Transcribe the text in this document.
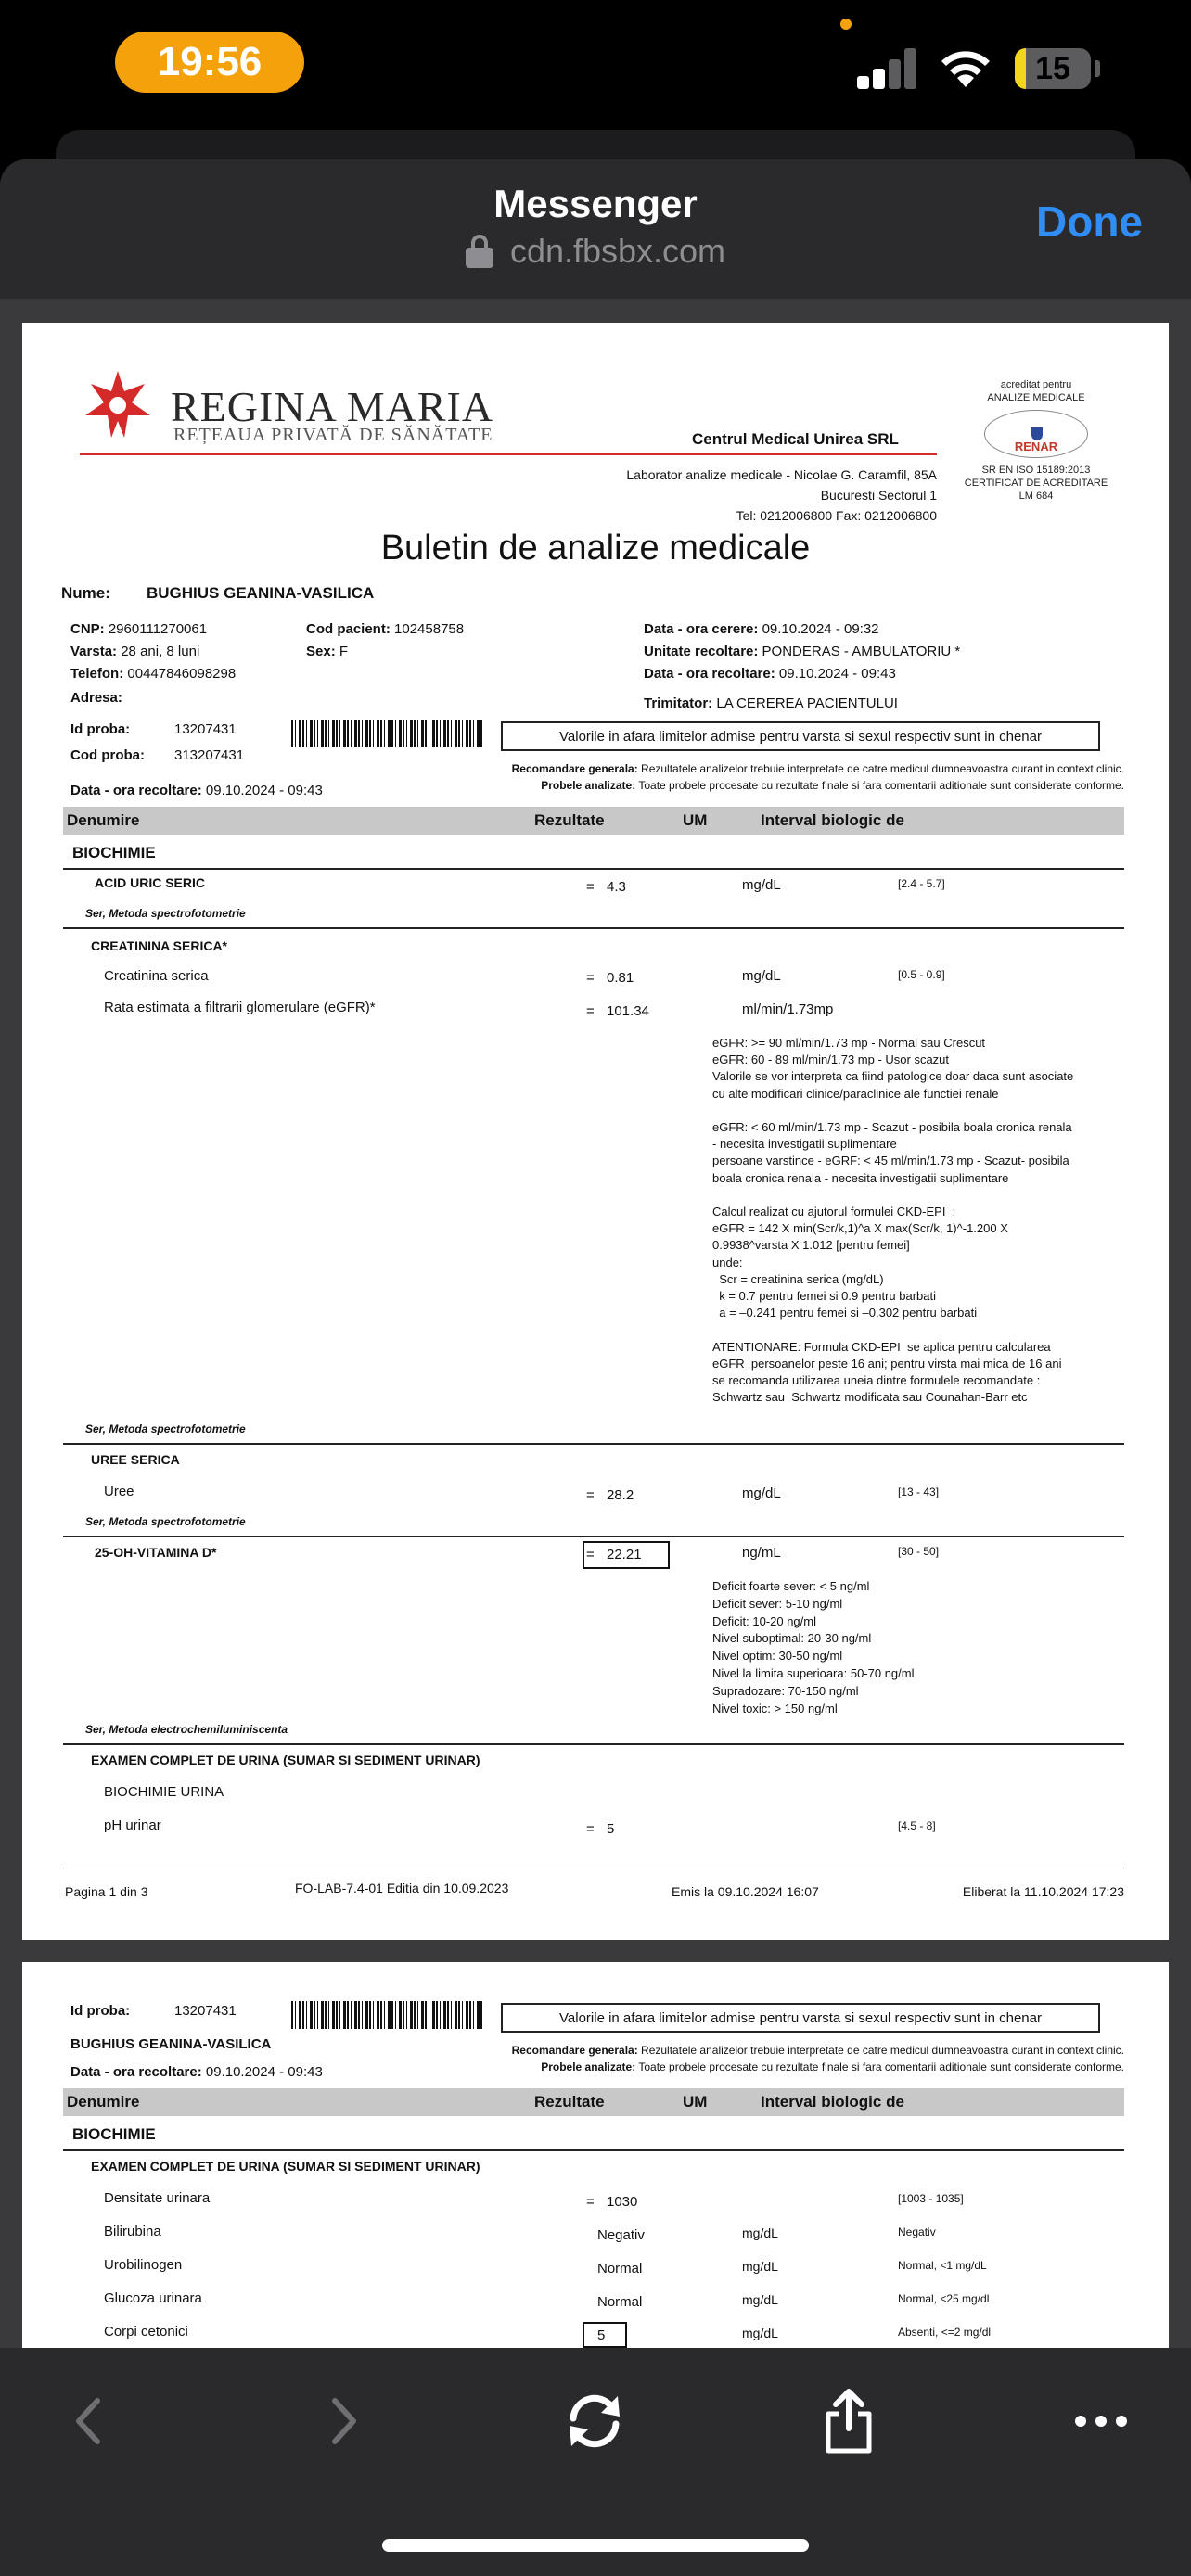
19:56	15
Messenger
cdn.fbsbx.com
Done
REGINA MARIA
REȚEAUA PRIVATĂ DE SĂNĂTATE	Centrul Medical Unirea SRL
Laborator analize medicale - Nicolae G. Caramfil, 85A
Bucuresti Sectorul 1
Tel: 0212006800 Fax: 0212006800
acreditat pentru
ANALIZE MEDICALE
RENAR
SR EN ISO 15189:2013
CERTIFICAT DE ACREDITARE
LM 684
Buletin de analize medicale
Nume: BUGHIUS GEANINA-VASILICA
CNP: 2960111270061
Varsta: 28 ani, 8 luni
Telefon: 00447846098298
Adresa:
Cod pacient: 102458758
Sex: F
Data - ora cerere: 09.10.2024 - 09:32
Unitate recoltare: PONDERAS - AMBULATORIU *
Data - ora recoltare: 09.10.2024 - 09:43
Trimitator: LA CEREREA PACIENTULUI
Id proba:	13207431
Cod proba: 313207431
Valorile in afara limitelor admise pentru varsta si sexul respectiv sunt in chenar
Data - ora recoltare: 09.10.2024 - 09:43
Recomandare generala: Rezultatele analizelor trebuie interpretate de catre medicul dumneavoastra curant in context clinic.
Probele analizate: Toate probele procesate cu rezultate finale si fara comentarii aditionale sunt considerate conforme.
Denumire	Rezultate	UM	Interval biologic de
BIOCHIMIE
ACID URIC SERIC	= 4.3	mg/dL	[2.4 - 5.7]
Ser, Metoda spectrofotometrie
CREATININA SERICA*
Creatinina serica	= 0.81	mg/dL	[0.5 - 0.9]
Rata estimata a filtrarii glomerulare (eGFR)*	= 101.34	ml/min/1.73mp
eGFR: >= 90 ml/min/1.73 mp - Normal sau Crescut
eGFR: 60 - 89 ml/min/1.73 mp - Usor scazut
Valorile se vor interpreta ca fiind patologice doar daca sunt asociate
cu alte modificari clinice/paraclinice ale functiei renale

eGFR: < 60 ml/min/1.73 mp - Scazut - posibila boala cronica renala
- necesita investigatii suplimentare
persoane varstince - eGRF: < 45 ml/min/1.73 mp - Scazut- posibila
boala cronica renala - necesita investigatii suplimentare

Calcul realizat cu ajutorul formulei CKD-EPI  :
eGFR = 142 X min(Scr/k,1)^a X max(Scr/k, 1)^-1.200 X
0.9938^varsta X 1.012 [pentru femei]
unde:
Scr = creatinina serica (mg/dL)
k = 0.7 pentru femei si 0.9 pentru barbati
a = –0.241 pentru femei si –0.302 pentru barbati

ATENTIONARE: Formula CKD-EPI  se aplica pentru calcularea
eGFR  persoanelor peste 16 ani; pentru virsta mai mica de 16 ani
se recomanda utilizarea uneia dintre formulele recomandate :
Schwartz sau  Schwartz modificata sau Counahan-Barr etc
Ser, Metoda spectrofotometrie
UREE SERICA
Uree	= 28.2	mg/dL	[13 - 43]
Ser, Metoda spectrofotometrie
25-OH-VITAMINA D*	= 22.21	ng/mL	[30 - 50]
Deficit foarte sever: < 5 ng/ml
Deficit sever: 5-10 ng/ml
Deficit: 10-20 ng/ml
Nivel suboptimal: 20-30 ng/ml
Nivel optim: 30-50 ng/ml
Nivel la limita superioara: 50-70 ng/ml
Supradozare: 70-150 ng/ml
Nivel toxic: > 150 ng/ml
Ser, Metoda electrochemiluminiscenta
EXAMEN COMPLET DE URINA (SUMAR SI SEDIMENT URINAR)
BIOCHIMIE URINA
pH urinar	= 5	[4.5 - 8]
Pagina 1 din 3	FO-LAB-7.4-01 Editia din 10.09.2023	Emis la 09.10.2024 16:07	Eliberat la 11.10.2024 17:23
Id proba:	13207431	Valorile in afara limitelor admise pentru varsta si sexul respectiv sunt in chenar
BUGHIUS GEANINA-VASILICA	Recomandare generala: Rezultatele analizelor trebuie interpretate de catre medicul dumneavoastra curant in context clinic.
Probele analizate: Toate probele procesate cu rezultate finale si fara comentarii aditionale sunt considerate conforme.
Data - ora recoltare: 09.10.2024 - 09:43
Denumire	Rezultate	UM	Interval biologic de
BIOCHIMIE
EXAMEN COMPLET DE URINA (SUMAR SI SEDIMENT URINAR)
Densitate urinara	= 1030	[1003 - 1035]
Bilirubina	Negativ	mg/dL	Negativ
Urobilinogen	Normal	mg/dL	Normal, <1 mg/dL
Glucoza urinara	Normal	mg/dL	Normal, <25 mg/dl
Corpi cetonici	5	mg/dL	Absenti, <=2 mg/dl
